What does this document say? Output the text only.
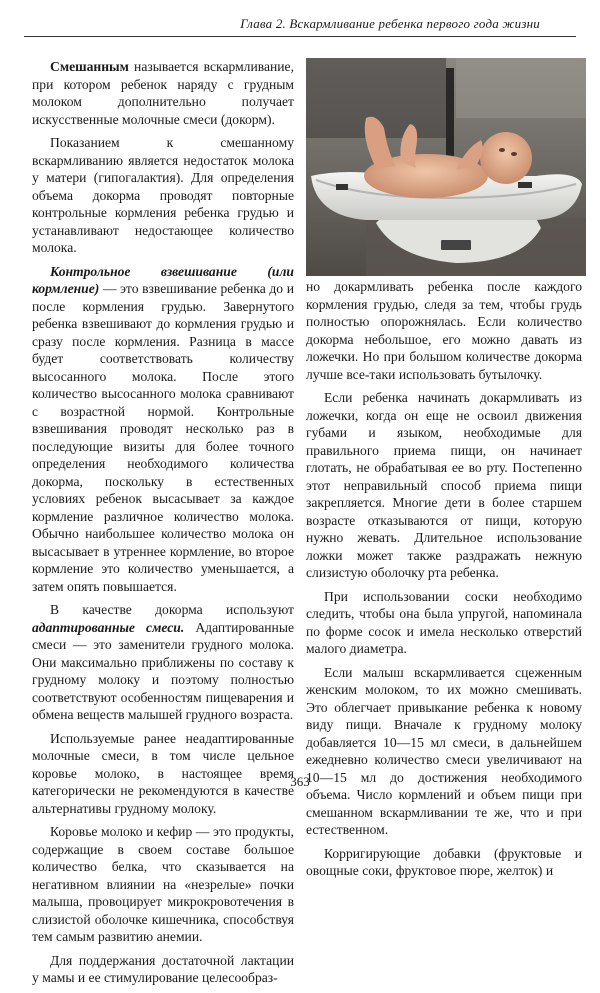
Глава 2. Вскармливание ребенка первого года жизни

Смешанным называется вскармливание, при котором ребенок наряду с грудным молоком дополнительно получает искусственные молочные смеси (докорм).

Показанием к смешанному вскармливанию является недостаток молока у матери (гипогалактия). Для определения объема докорма проводят повторные контрольные кормления ребенка грудью и устанавливают недостающее количество молока.

Контрольное взвешивание (или кормление) — это взвешивание ребенка до и после кормления грудью. Завернутого ребенка взвешивают до кормления грудью и сразу после кормления. Разница в массе будет соответствовать количеству высосанного молока. После этого количество высосанного молока сравнивают с возрастной нормой. Контрольные взвешивания проводят несколько раз в последующие визиты для более точного определения необходимого количества докорма, поскольку в естественных условиях ребенок высасывает за каждое кормление различное количество молока. Обычно наибольшее количество молока он высасывает в утреннее кормление, во второе кормление это количество уменьшается, а затем опять повышается.

В качестве докорма используют адаптированные смеси. Адаптированные смеси — это заменители грудного молока. Они максимально приближены по составу к грудному молоку и поэтому полностью соответствуют особенностям пищеварения и обмена веществ малышей грудного возраста.

Используемые ранее неадаптированные молочные смеси, в том числе цельное коровье молоко, в настоящее время категорически не рекомендуются в качестве альтернативы грудному молоку.

Коровье молоко и кефир — это продукты, содержащие в своем составе большое количество белка, что сказывается на негативном влиянии на «незрелые» почки малыша, провоцирует микрокровотечения в слизистой оболочке кишечника, способствуя тем самым развитию анемии.

Для поддержания достаточной лактации у мамы и ее стимулирование целесообраз-

но докармливать ребенка после каждого кормления грудью, следя за тем, чтобы грудь полностью опорожнялась. Если количество докорма небольшое, его можно давать из ложечки. Но при большом количестве докорма лучше все-таки использовать бутылочку.

Если ребенка начинать докармливать из ложечки, когда он еще не освоил движения губами и языком, необходимые для правильного приема пищи, он начинает глотать, не обрабатывая ее во рту. Постепенно этот неправильный способ приема пищи закрепляется. Многие дети в более старшем возрасте отказываются от пищи, которую нужно жевать. Длительное использование ложки может также раздражать нежную слизистую оболочку рта ребенка.

При использовании соски необходимо следить, чтобы она была упругой, напоминала по форме сосок и имела несколько отверстий малого диаметра.

Если малыш вскармливается сцеженным женским молоком, то их можно смешивать. Это облегчает привыкание ребенка к новому виду пищи. Вначале к грудному молоку добавляется 10—15 мл смеси, в дальнейшем ежедневно количество смеси увеличивают на 10—15 мл до достижения необходимого объема. Число кормлений и объем пищи при смешанном вскармливании те же, что и при естественном.

Корригирующие добавки (фруктовые и овощные соки, фруктовое пюре, желток) и

363
